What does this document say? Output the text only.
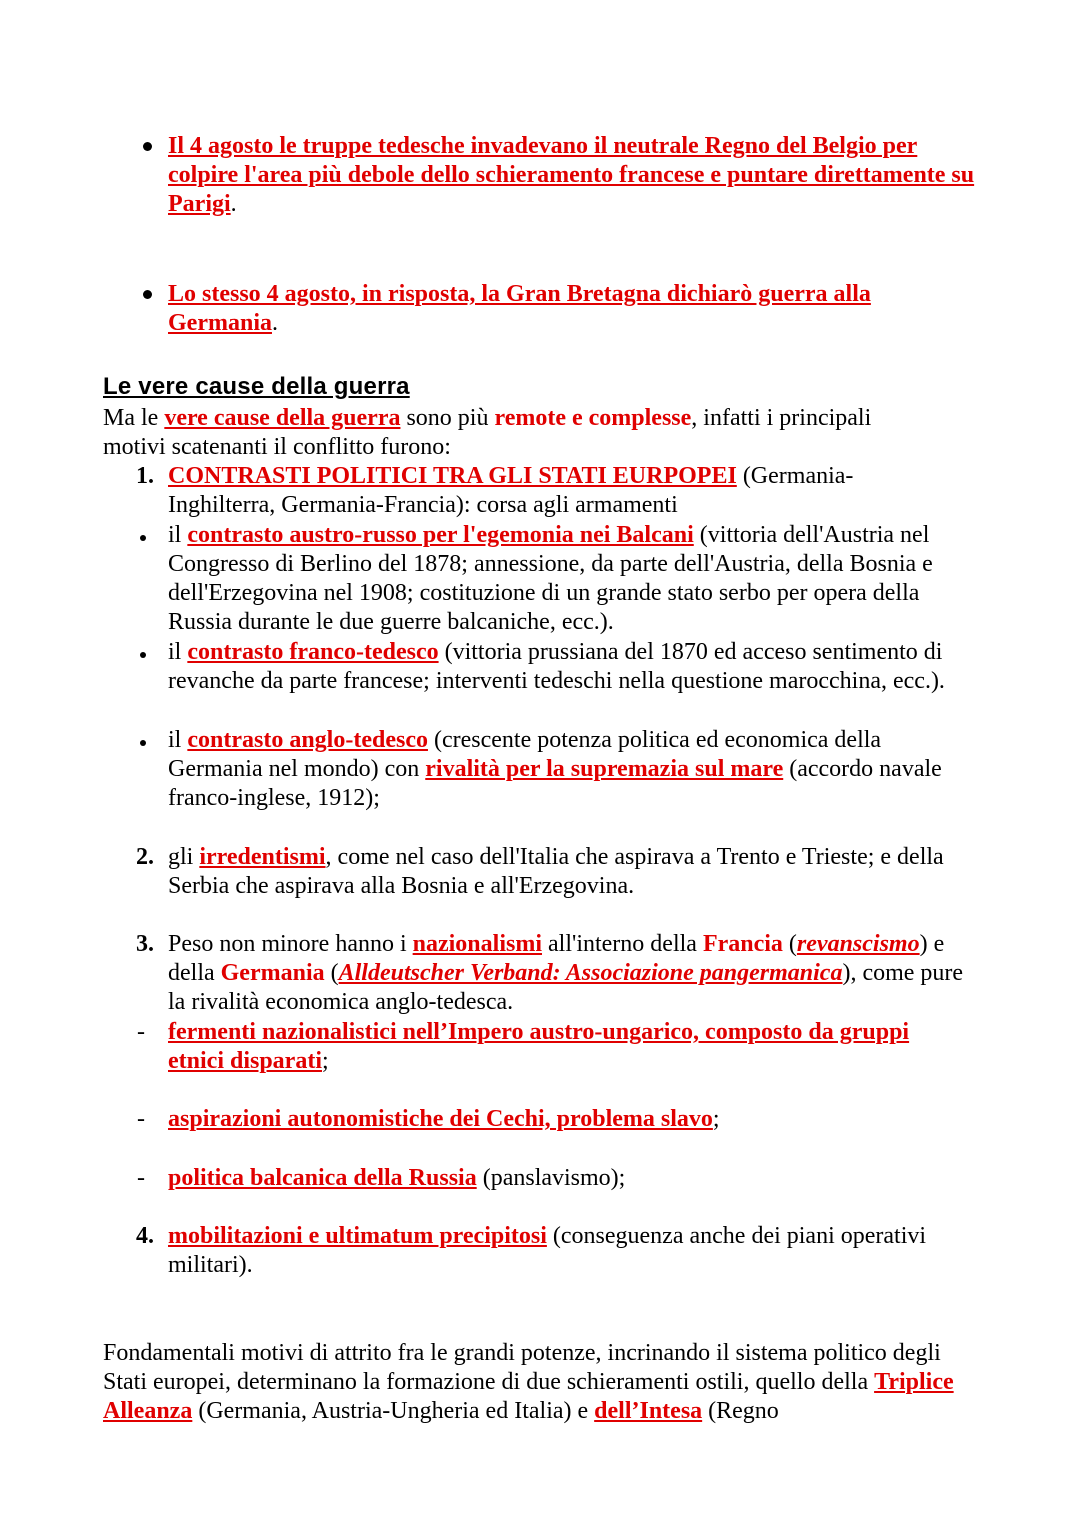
Il 4 agosto le truppe tedesche invadevano il neutrale Regno del Belgio per colpire l'area più debole dello schieramento francese e puntare direttamente su Parigi.
Lo stesso 4 agosto, in risposta, la Gran Bretagna dichiarò guerra alla Germania.
Le vere cause della guerra
Ma le vere cause della guerra sono più remote e complesse, infatti i principali motivi scatenanti il conflitto furono:
1. CONTRASTI POLITICI TRA GLI STATI EURPOPEI (Germania-Inghilterra, Germania-Francia): corsa agli armamenti
il contrasto austro-russo per l'egemonia nei Balcani (vittoria dell'Austria nel Congresso di Berlino del 1878; annessione, da parte dell'Austria, della Bosnia e dell'Erzegovina nel 1908; costituzione di un grande stato serbo per opera della Russia durante le due guerre balcaniche, ecc.).
il contrasto franco-tedesco (vittoria prussiana del 1870 ed acceso sentimento di revanche da parte francese; interventi tedeschi nella questione marocchina, ecc.).
il contrasto anglo-tedesco (crescente potenza politica ed economica della Germania nel mondo) con rivalità per la supremazia sul mare (accordo navale franco-inglese, 1912);
2. gli irredentismi, come nel caso dell'Italia che aspirava a Trento e Trieste; e della Serbia che aspirava alla Bosnia e all'Erzegovina.
3. Peso non minore hanno i nazionalismi all'interno della Francia (revanscismo) e della Germania (Alldeutscher Verband: Associazione pangermanica), come pure la rivalità economica anglo-tedesca.
- fermenti nazionalistici nell’Impero austro-ungarico, composto da gruppi etnici disparati;
- aspirazioni autonomistiche dei Cechi, problema slavo;
- politica balcanica della Russia (panslavismo);
4. mobilitazioni e ultimatum precipitosi (conseguenza anche dei piani operativi militari).
Fondamentali motivi di attrito fra le grandi potenze, incrinando il sistema politico degli Stati europei, determinano la formazione di due schieramenti ostili, quello della Triplice Alleanza (Germania, Austria-Ungheria ed Italia) e dell’Intesa (Regno
